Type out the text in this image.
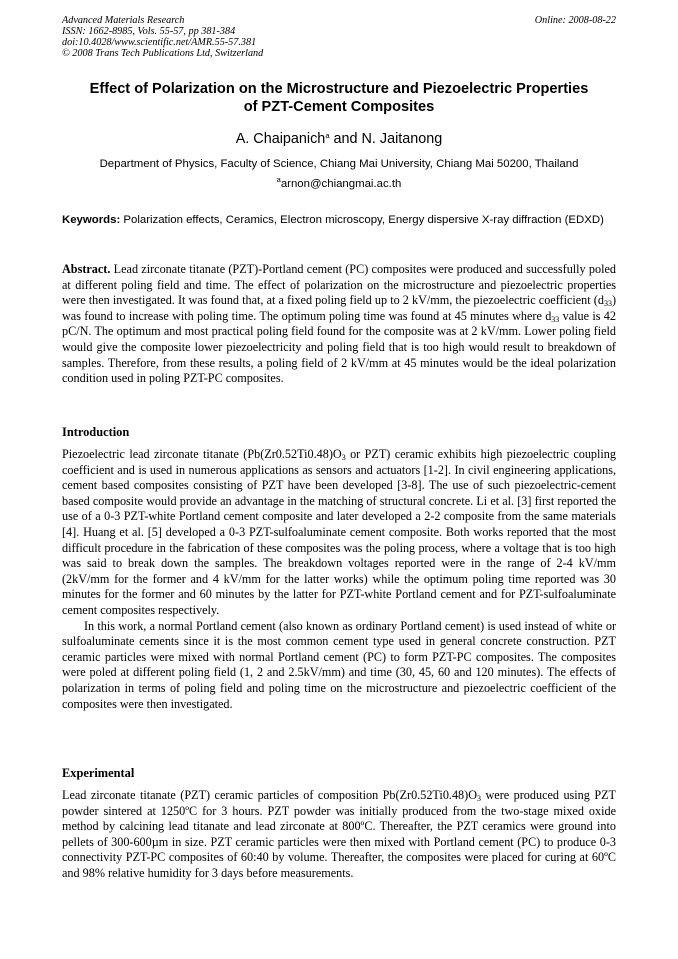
Advanced Materials Research
ISSN: 1662-8985, Vols. 55-57, pp 381-384
doi:10.4028/www.scientific.net/AMR.55-57.381
© 2008 Trans Tech Publications Ltd, Switzerland
Online: 2008-08-22
Effect of Polarization on the Microstructure and Piezoelectric Properties
of PZT-Cement Composites
A. Chaipanich$^a$ and N. Jaitanong
Department of Physics, Faculty of Science, Chiang Mai University, Chiang Mai 50200, Thailand
$^a$arnon@chiangmai.ac.th
Keywords: Polarization effects, Ceramics, Electron microscopy, Energy dispersive X-ray diffraction (EDXD)
Abstract. Lead zirconate titanate (PZT)-Portland cement (PC) composites were produced and successfully poled at different poling field and time. The effect of polarization on the microstructure and piezoelectric properties were then investigated. It was found that, at a fixed poling field up to 2 kV/mm, the piezoelectric coefficient $(d_{33})$ was found to increase with poling time. The optimum poling time was found at 45 minutes where $d_{33}$ value is 42 pC/N. The optimum and most practical poling field found for the composite was at 2 kV/mm. Lower poling field would give the composite lower piezoelectricity and poling field that is too high would result to breakdown of samples. Therefore, from these results, a poling field of 2 kV/mm at 45 minutes would be the ideal polarization condition used in poling PZT-PC composites.
Introduction

Piezoelectric lead zirconate titanate ($Pb(Zr0.52Ti0.48)O_3$ or PZT) ceramic exhibits high piezoelectric coupling coefficient and is used in numerous applications as sensors and actuators [1-2]. In civil engineering applications, cement based composites consisting of PZT have been developed [3-8]. The use of such piezoelectric-cement based composite would provide an advantage in the matching of structural concrete. Li et al. [3] first reported the use of a 0-3 PZT-white Portland cement composite and later developed a 2-2 composite from the same materials [4]. Huang et al. [5] developed a 0-3 PZT-sulfoaluminate cement composite. Both works reported that the most difficult procedure in the fabrication of these composites was the poling process, where a voltage that is too high was said to break down the samples. The breakdown voltages reported were in the range of 2-4 kV/mm (2kV/mm for the former and 4 kV/mm for the latter works) while the optimum poling time reported was 30 minutes for the former and 60 minutes by the latter for PZT-white Portland cement and for PZT-sulfoaluminate cement composites respectively.

In this work, a normal Portland cement (also known as ordinary Portland cement) is used instead of white or sulfoaluminate cements since it is the most common cement type used in general concrete construction. PZT ceramic particles were mixed with normal Portland cement (PC) to form PZT-PC composites. The composites were poled at different poling field (1, 2 and 2.5kV/mm) and time (30, 45, 60 and 120 minutes). The effects of polarization in terms of poling field and poling time on the microstructure and piezoelectric coefficient of the composites were then investigated.

Experimental
Lead zirconate titanate (PZT) ceramic particles of composition $Pb(Zr0.52Ti0.48)O_3$ were produced using PZT powder sintered at 1250ºC for 3 hours. PZT powder was initially produced from the two-stage mixed oxide method by calcining lead titanate and lead zirconate at 800ºC. Thereafter, the PZT ceramics were ground into pellets of 300-600µm in size. PZT ceramic particles were then mixed with Portland cement (PC) to produce 0-3 connectivity PZT-PC composites of 60:40 by volume. Thereafter, the composites were placed for curing at 60ºC and 98% relative humidity for 3 days before measurements.
